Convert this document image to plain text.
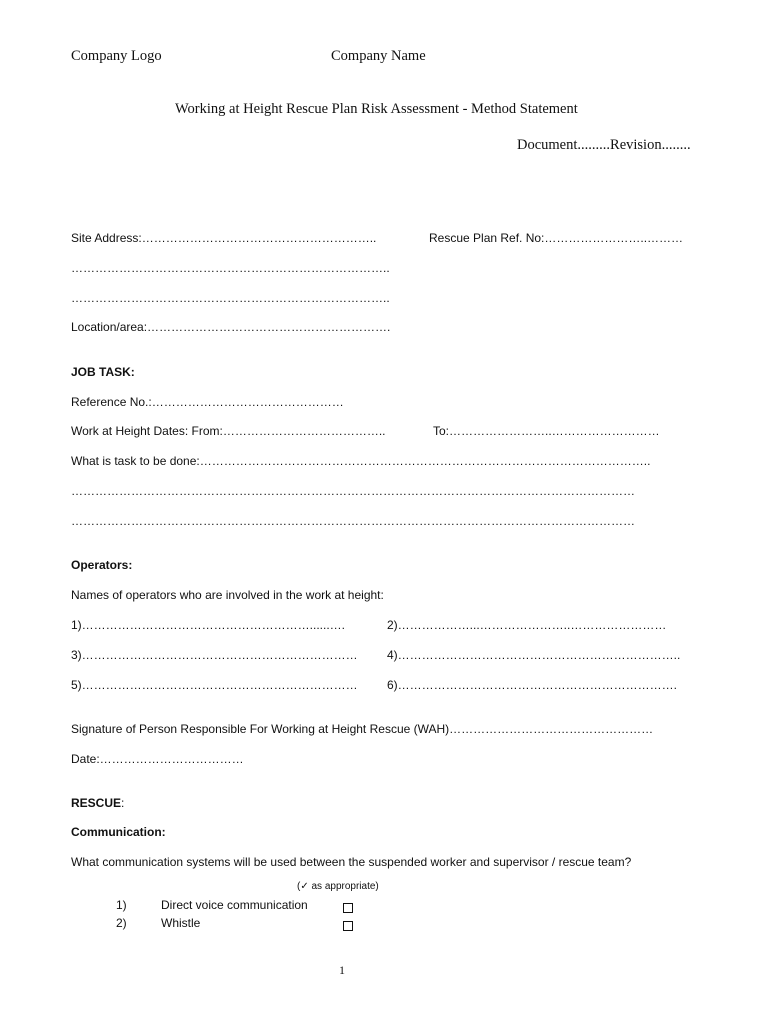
Company Logo	Company Name
Working at Height Rescue Plan Risk Assessment - Method Statement
Document.........Revision........
Site Address:…………………………………………………..	Rescue Plan Ref. No:……………………..………
……………………………………………………………………..
……………………………………………………………………..
Location/area:…………………………………………………….
JOB TASK:
Reference No.:…………………………………………
Work at Height Dates: From:…………………………………..	To:……………………..………………………
What is task to be done:…………………………………………………………………………………………………..
……………………………………………………………………………………………………………………………
……………………………………………………………………………………………………………………………
Operators:
Names of operators who are involved in the work at height:
1)…………………………………………………......….	2)………………...…………………..……………………
3)…………………………………………………………… 4)……………………………………………………………..
5)…………………………………………………………… 6)…………………………………………………………….
Signature of Person Responsible For Working at Height Rescue (WAH)……………………………………………
Date:………………………………
RESCUE:
Communication:
What communication systems will be used between the suspended worker and supervisor / rescue team?
(✓ as appropriate)
1)	Direct voice communication
2)	Whistle
1
